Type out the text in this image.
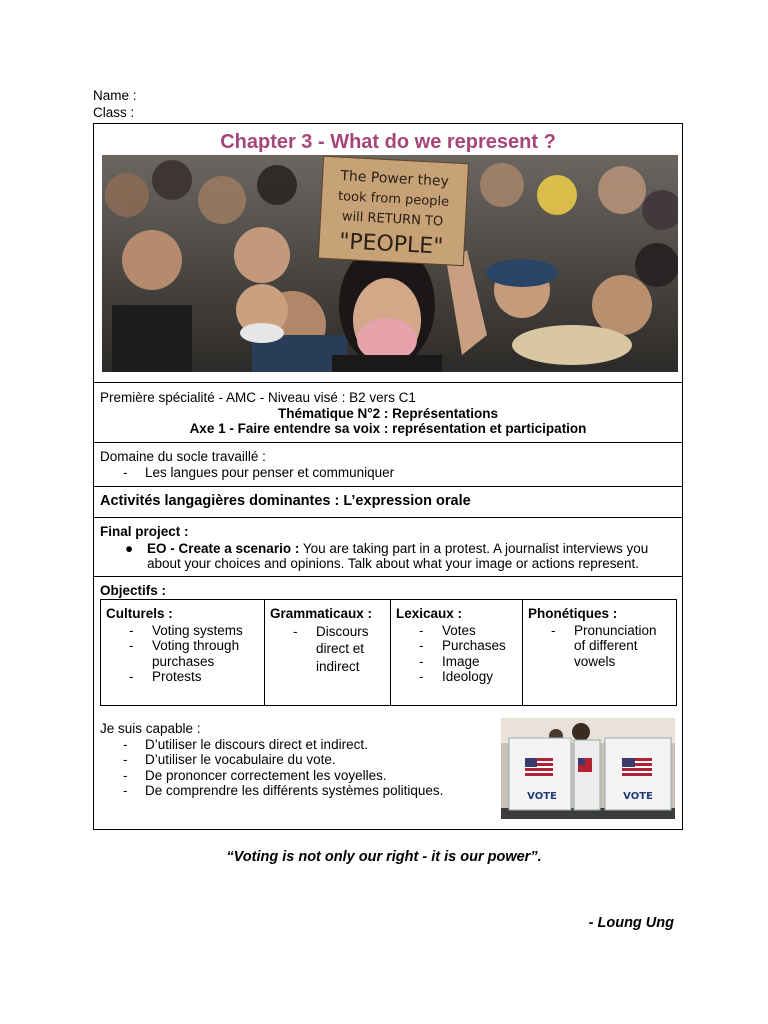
Name :
Class :
Chapter 3 - What do we represent ?
The Power they
took from people
will RETURN TO
"PEOPLE"
Première spécialité - AMC - Niveau visé : B2 vers C1
Thématique N°2 : Représentations
Axe 1 - Faire entendre sa voix : représentation et participation
Domaine du socle travaillé :
- Les langues pour penser et communiquer
Activités langagières dominantes : L’expression orale
Final project :
● EO - Create a scenario : You are taking part in a protest. A journalist interviews you about your choices and opinions. Talk about what your image or actions represent.
Objectifs :
Culturels :
- Voting systems
- Voting through purchases
- Protests
Grammaticaux :
- Discours direct et indirect
Lexicaux :
- Votes
- Purchases
- Image
- Ideology
Phonétiques :
- Pronunciation of different vowels
Je suis capable :
- D’utiliser le discours direct et indirect.
- D’utiliser le vocabulaire du vote.
- De prononcer correctement les voyelles.
- De comprendre les différents systèmes politiques.	VOTE	VOTE
“Voting is not only our right - it is our power”.
- Loung Ung
